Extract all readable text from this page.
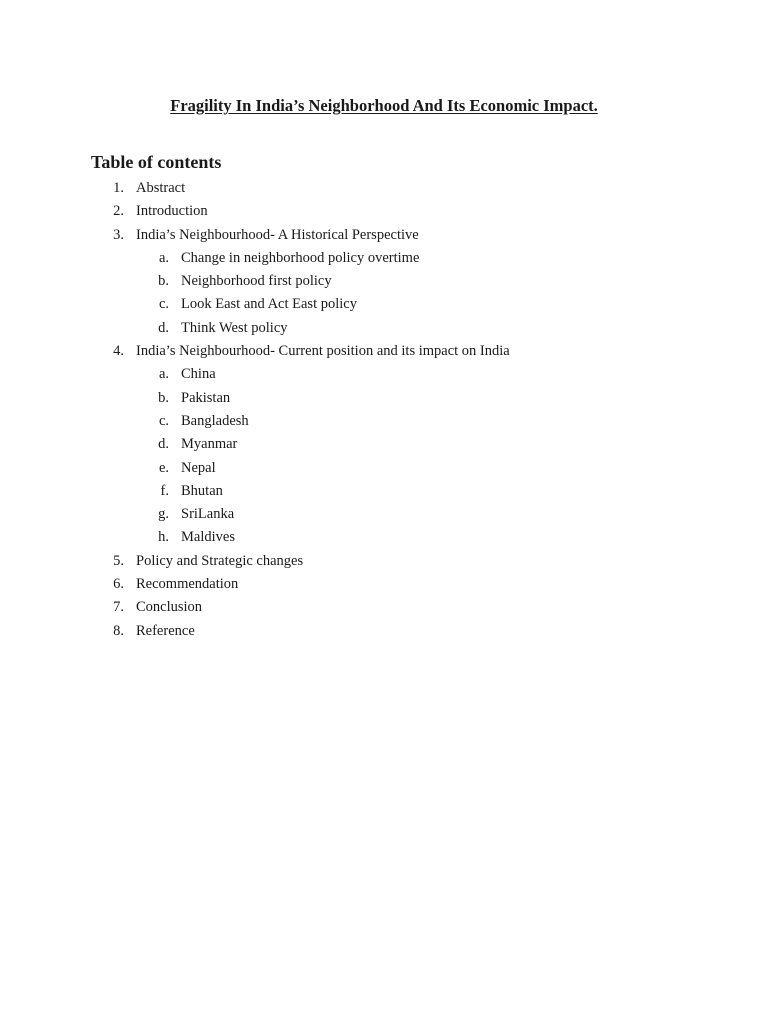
Fragility In India’s Neighborhood And Its Economic Impact.
Table of contents
1. Abstract
2. Introduction
3. India’s Neighbourhood- A Historical Perspective
a. Change in neighborhood policy overtime
b. Neighborhood first policy
c. Look East and Act East policy
d. Think West policy
4. India’s Neighbourhood- Current position and its impact on India
a. China
b. Pakistan
c. Bangladesh
d. Myanmar
e. Nepal
f. Bhutan
g. SriLanka
h. Maldives
5. Policy and Strategic changes
6. Recommendation
7. Conclusion
8. Reference
